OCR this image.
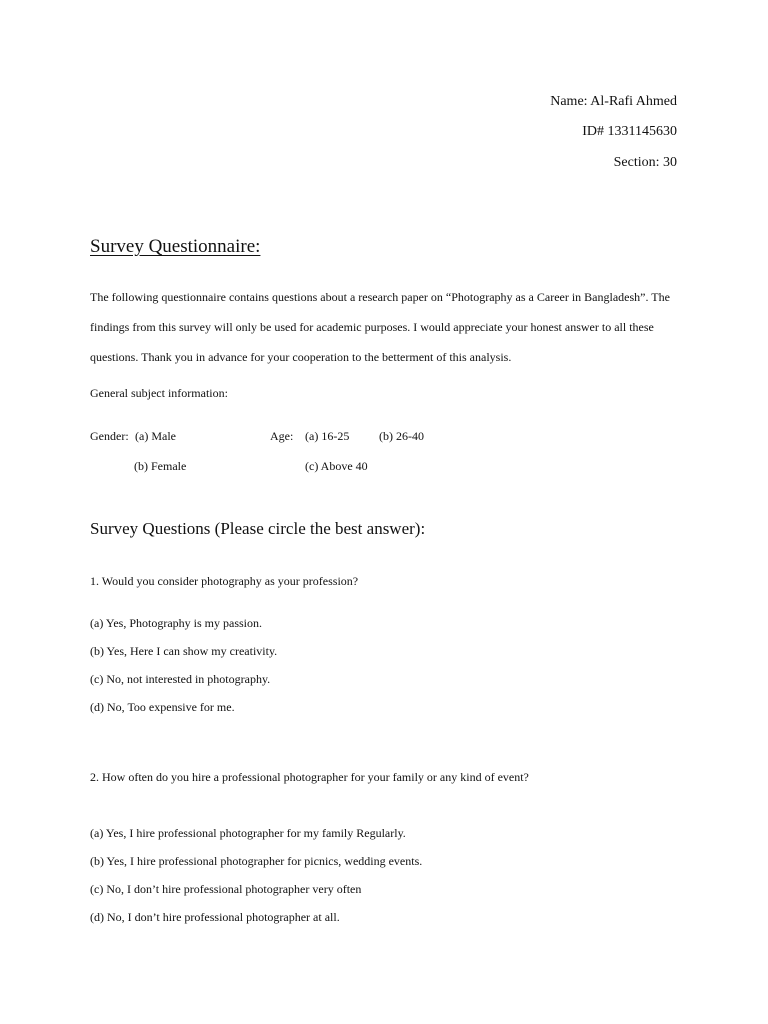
Name: Al-Rafi Ahmed
ID# 1331145630
Section: 30
Survey Questionnaire:
The following questionnaire contains questions about a research paper on “Photography as a Career in Bangladesh”. The findings from this survey will only be used for academic purposes. I would appreciate your honest answer to all these questions. Thank you in advance for your cooperation to the betterment of this analysis.
General subject information:
Gender: (a) Male
(b) Female
Age: (a) 16-25 (b) 26-40
(c) Above 40
Survey Questions (Please circle the best answer):
1. Would you consider photography as your profession?
(a) Yes, Photography is my passion.
(b) Yes, Here I can show my creativity.
(c) No, not interested in photography.
(d) No, Too expensive for me.
2. How often do you hire a professional photographer for your family or any kind of event?
(a) Yes, I hire professional photographer for my family Regularly.
(b) Yes, I hire professional photographer for picnics, wedding events.
(c) No, I don’t hire professional photographer very often
(d) No, I don’t hire professional photographer at all.
